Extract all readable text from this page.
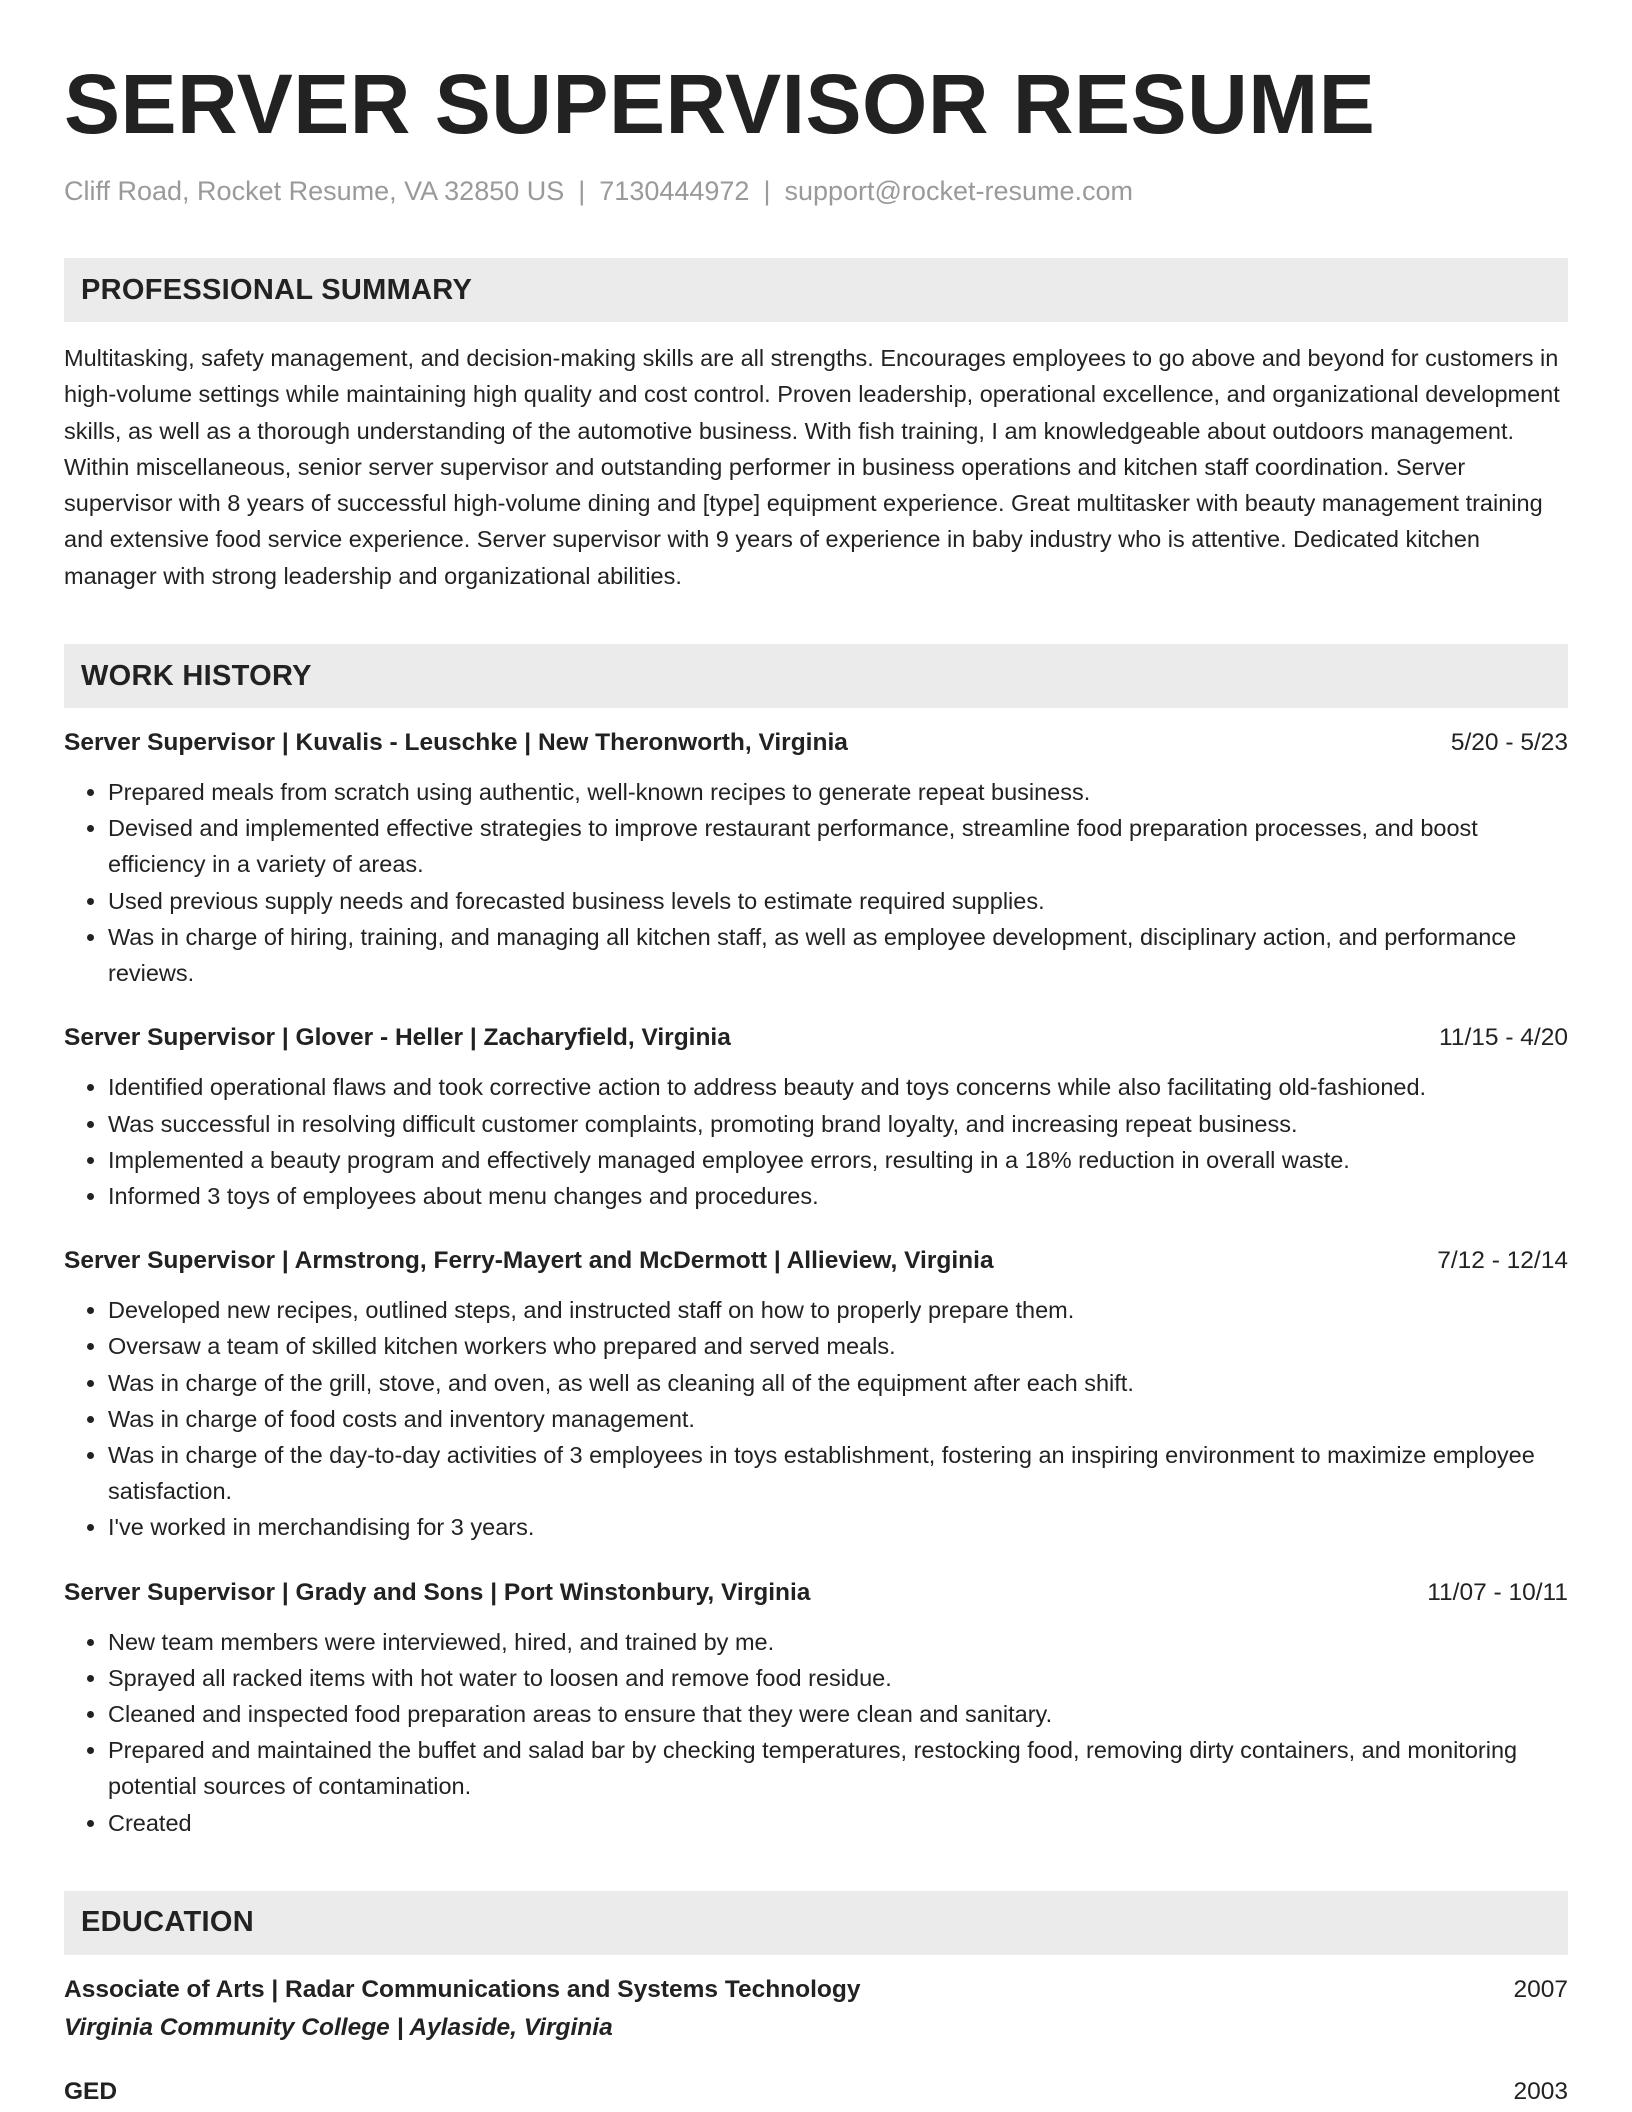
SERVER SUPERVISOR RESUME
Cliff Road, Rocket Resume, VA 32850 US | 7130444972 | support@rocket-resume.com
PROFESSIONAL SUMMARY
Multitasking, safety management, and decision-making skills are all strengths. Encourages employees to go above and beyond for customers in high-volume settings while maintaining high quality and cost control. Proven leadership, operational excellence, and organizational development skills, as well as a thorough understanding of the automotive business. With fish training, I am knowledgeable about outdoors management. Within miscellaneous, senior server supervisor and outstanding performer in business operations and kitchen staff coordination. Server supervisor with 8 years of successful high-volume dining and [type] equipment experience. Great multitasker with beauty management training and extensive food service experience. Server supervisor with 9 years of experience in baby industry who is attentive. Dedicated kitchen manager with strong leadership and organizational abilities.
WORK HISTORY
Server Supervisor | Kuvalis - Leuschke | New Theronworth, Virginia	5/20 - 5/23
• Prepared meals from scratch using authentic, well-known recipes to generate repeat business.
• Devised and implemented effective strategies to improve restaurant performance, streamline food preparation processes, and boost efficiency in a variety of areas.
• Used previous supply needs and forecasted business levels to estimate required supplies.
• Was in charge of hiring, training, and managing all kitchen staff, as well as employee development, disciplinary action, and performance reviews.
Server Supervisor | Glover - Heller | Zacharyfield, Virginia	11/15 - 4/20
• Identified operational flaws and took corrective action to address beauty and toys concerns while also facilitating old-fashioned.
• Was successful in resolving difficult customer complaints, promoting brand loyalty, and increasing repeat business.
• Implemented a beauty program and effectively managed employee errors, resulting in a 18% reduction in overall waste.
• Informed 3 toys of employees about menu changes and procedures.
Server Supervisor | Armstrong, Ferry-Mayert and McDermott | Allieview, Virginia	7/12 - 12/14
• Developed new recipes, outlined steps, and instructed staff on how to properly prepare them.
• Oversaw a team of skilled kitchen workers who prepared and served meals.
• Was in charge of the grill, stove, and oven, as well as cleaning all of the equipment after each shift.
• Was in charge of food costs and inventory management.
• Was in charge of the day-to-day activities of 3 employees in toys establishment, fostering an inspiring environment to maximize employee satisfaction.
• I've worked in merchandising for 3 years.
Server Supervisor | Grady and Sons | Port Winstonbury, Virginia	11/07 - 10/11
• New team members were interviewed, hired, and trained by me.
• Sprayed all racked items with hot water to loosen and remove food residue.
• Cleaned and inspected food preparation areas to ensure that they were clean and sanitary.
• Prepared and maintained the buffet and salad bar by checking temperatures, restocking food, removing dirty containers, and monitoring potential sources of contamination.
• Created
EDUCATION
Associate of Arts | Radar Communications and Systems Technology	2007
Virginia Community College | Aylaside, Virginia
GED	2003
